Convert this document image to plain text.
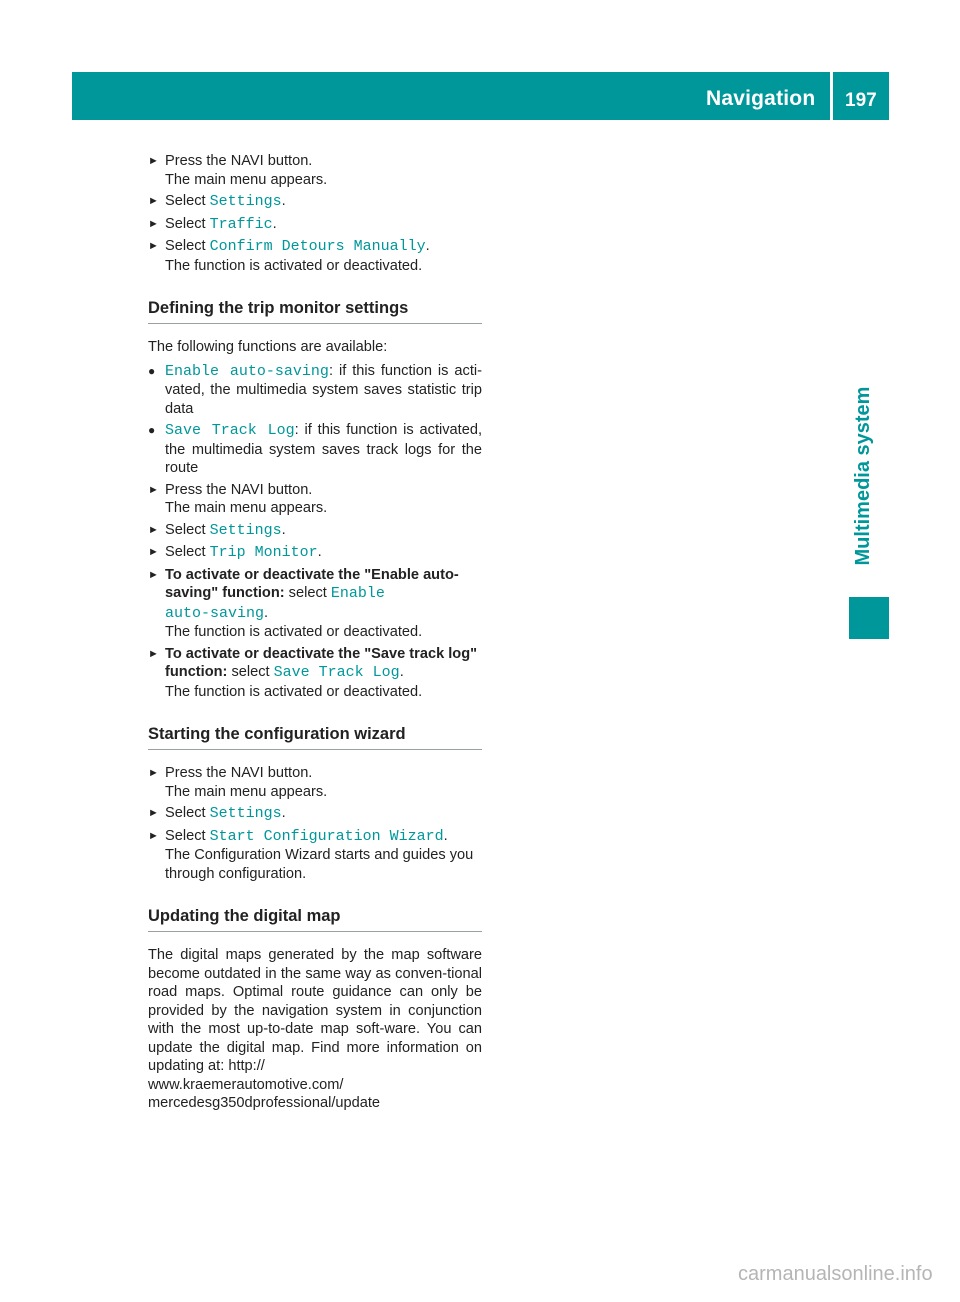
Navigation 197
Multimedia system
► Press the NAVI button.
The main menu appears.
► Select Settings.
► Select Traffic.
► Select Confirm Detours Manually.
The function is activated or deactivated.
Defining the trip monitor settings
The following functions are available:
● Enable auto-saving: if this function is acti-vated, the multimedia system saves statistic trip data
● Save Track Log: if this function is activated, the multimedia system saves track logs for the route
► Press the NAVI button.
The main menu appears.
► Select Settings.
► Select Trip Monitor.
► To activate or deactivate the "Enable auto-saving" function: select Enable
auto-saving.
The function is activated or deactivated.
► To activate or deactivate the "Save track log" function: select Save Track Log.
The function is activated or deactivated.
Starting the configuration wizard
► Press the NAVI button.
The main menu appears.
► Select Settings.
► Select Start Configuration Wizard.
The Configuration Wizard starts and guides you through configuration.
Updating the digital map
The digital maps generated by the map software become outdated in the same way as conven-tional road maps. Optimal route guidance can only be provided by the navigation system in conjunction with the most up-to-date map soft-ware. You can update the digital map. Find more information on updating at: http://
www.kraemerautomotive.com/
mercedesg350dprofessional/update
carmanualsonline.info
